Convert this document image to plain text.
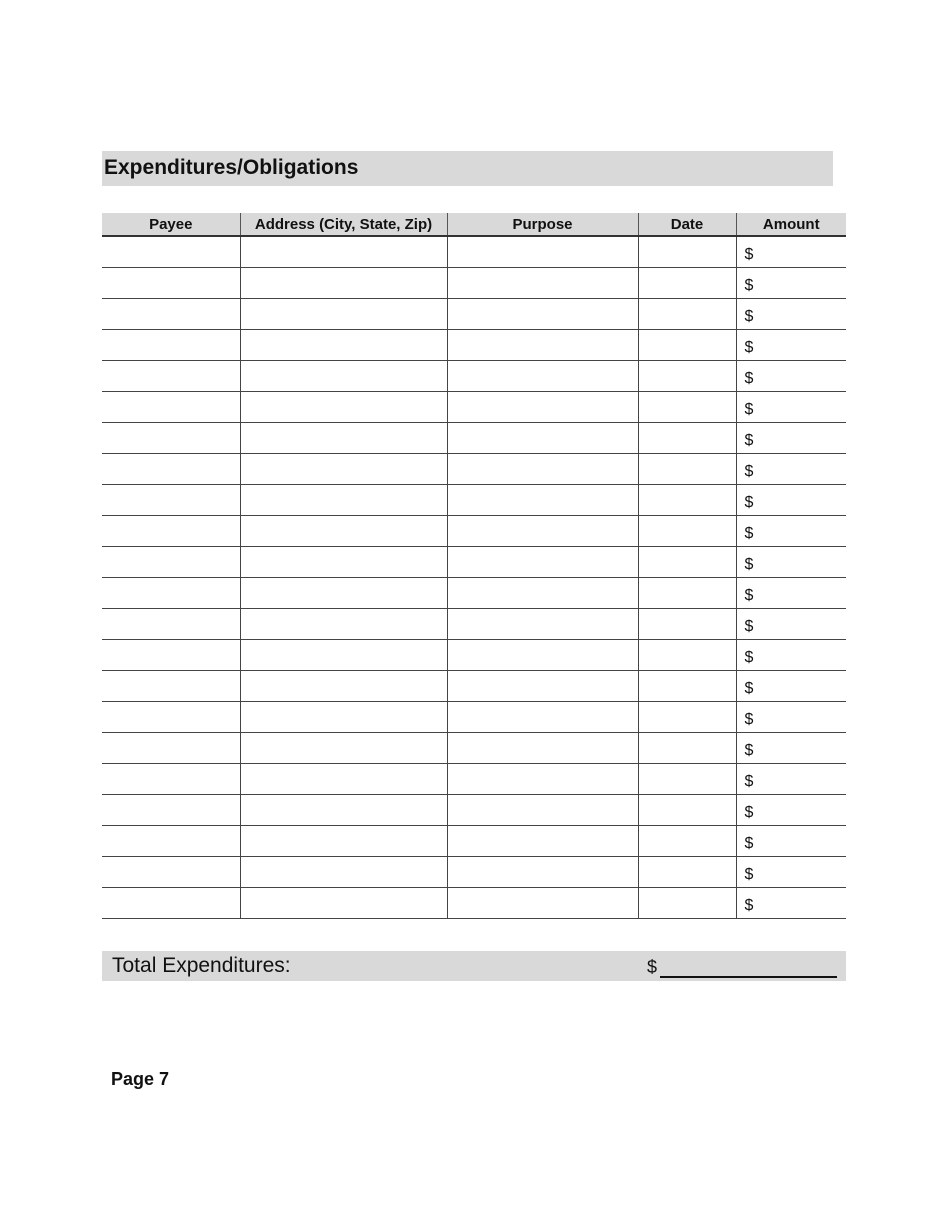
Expenditures/Obligations
Payee	Address (City, State, Zip)	Purpose	Date	Amount
				$
				$
				$
				$
				$
				$
				$
				$
				$
				$
				$
				$
				$
				$
				$
				$
				$
				$
				$
				$
				$
				$
Total Expenditures:	$
Page 7
